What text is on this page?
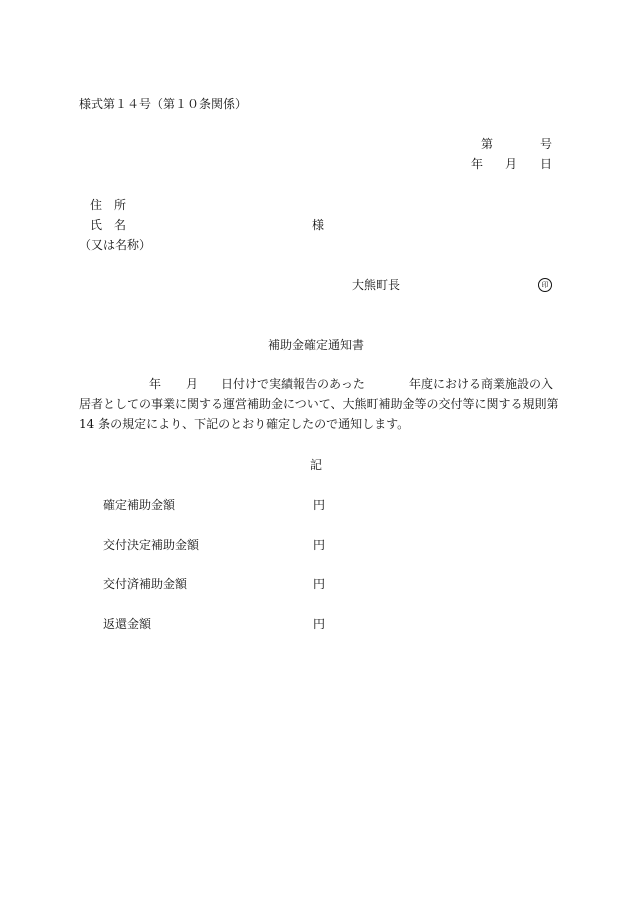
様式第１４号（第１０条関係）
第	号
年 月 日
住 所
氏 名	様
（又は名称）
大熊町長	印
補助金確定通知書
年 月 日付けで実績報告のあった	年度における商業施設の入
居者としての事業に関する運営補助金について、大熊町補助金等の交付等に関する規則第
14 条の規定により、下記のとおり確定したので通知します。
記
確定補助金額	円
交付決定補助金額	円
交付済補助金額	円
返還金額	円
